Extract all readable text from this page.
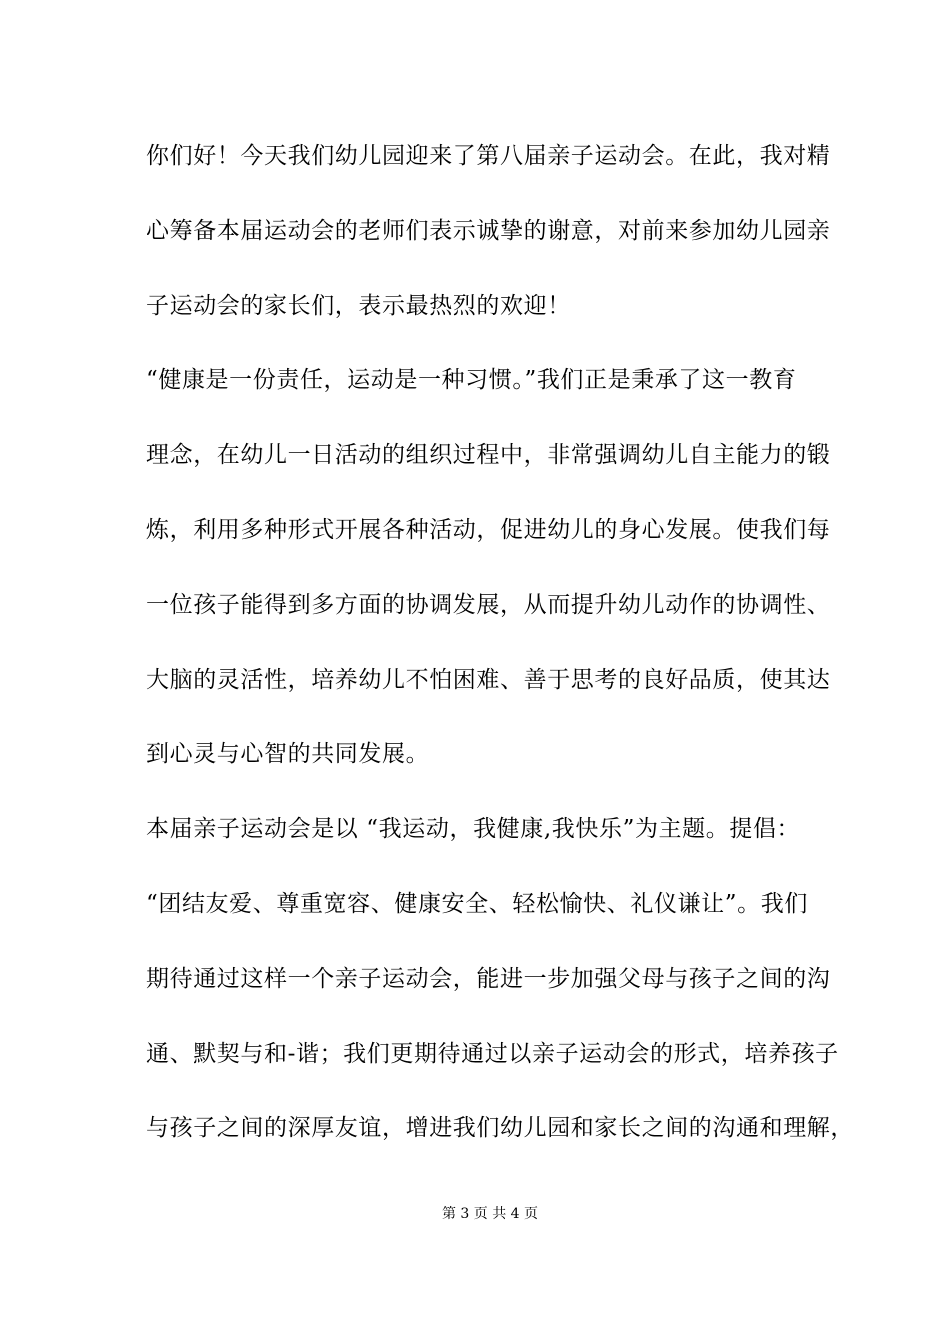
你们好！今天我们幼儿园迎来了第八届亲子运动会。在此，我对精

心筹备本届运动会的老师们表示诚挚的谢意，对前来参加幼儿园亲

子运动会的家长们，表示最热烈的欢迎！

“健康是一份责任，运动是一种习惯。”我们正是秉承了这一教育

理念，在幼儿一日活动的组织过程中，非常强调幼儿自主能力的锻

炼，利用多种形式开展各种活动，促进幼儿的身心发展。使我们每

一位孩子能得到多方面的协调发展，从而提升幼儿动作的协调性、

大脑的灵活性，培养幼儿不怕困难、善于思考的良好品质，使其达

到心灵与心智的共同发展。

本届亲子运动会是以 “我运动，我健康,我快乐”为主题。提倡：

“团结友爱、尊重宽容、健康安全、轻松愉快、礼仪谦让”。我们

期待通过这样一个亲子运动会，能进一步加强父母与孩子之间的沟

通、默契与和-谐；我们更期待通过以亲子运动会的形式，培养孩子

与孩子之间的深厚友谊，增进我们幼儿园和家长之间的沟通和理解，

第 3 页 共 4 页
